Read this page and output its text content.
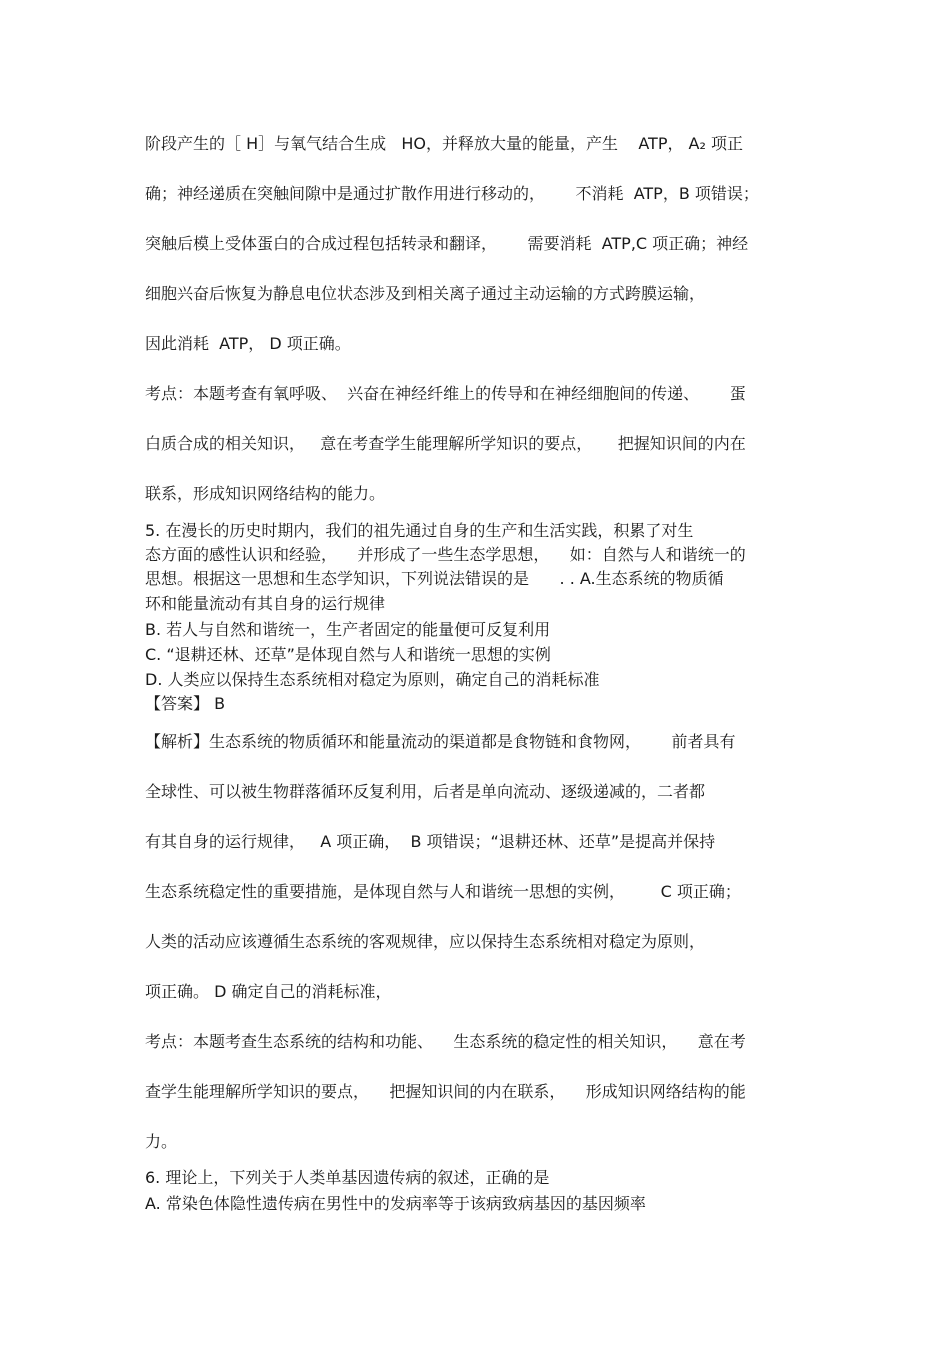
阶段产生的［ H］与氧气结合生成   HO，并释放大量的能量，产生    ATP， A₂ 项正
确；神经递质在突触间隙中是通过扩散作用进行移动的，      不消耗  ATP，B 项错误；
突触后模上受体蛋白的合成过程包括转录和翻译，      需要消耗  ATP,C 项正确；神经
细胞兴奋后恢复为静息电位状态涉及到相关离子通过主动运输的方式跨膜运输，
因此消耗  ATP， D 项正确。
考点：本题考查有氧呼吸、  兴奋在神经纤维上的传导和在神经细胞间的传递、      蛋
白质合成的相关知识，   意在考查学生能理解所学知识的要点，     把握知识间的内在
联系，形成知识网络结构的能力。
5. 在漫长的历史时期内，我们的祖先通过自身的生产和生活实践，积累了对生
态方面的感性认识和经验，    并形成了一些生态学思想，    如：自然与人和谐统一的
思想。根据这一思想和生态学知识，下列说法错误的是      . . A.生态系统的物质循
环和能量流动有其自身的运行规律
B. 若人与自然和谐统一，生产者固定的能量便可反复利用
C. “退耕还林、还草”是体现自然与人和谐统一思想的实例
D. 人类应以保持生态系统相对稳定为原则，确定自己的消耗标准
【答案】 B
【解析】生态系统的物质循环和能量流动的渠道都是食物链和食物网，      前者具有
全球性、可以被生物群落循环反复利用，后者是单向流动、逐级递减的，二者都
有其自身的运行规律，   A 项正确，  B 项错误；“退耕还林、还草”是提高并保持
生态系统稳定性的重要措施，是体现自然与人和谐统一思想的实例，       C 项正确；
人类的活动应该遵循生态系统的客观规律，应以保持生态系统相对稳定为原则，
项正确。 D 确定自己的消耗标准，
考点：本题考查生态系统的结构和功能、    生态系统的稳定性的相关知识，    意在考
查学生能理解所学知识的要点，    把握知识间的内在联系，    形成知识网络结构的能
力。
6. 理论上，下列关于人类单基因遗传病的叙述，正确的是
A. 常染色体隐性遗传病在男性中的发病率等于该病致病基因的基因频率
